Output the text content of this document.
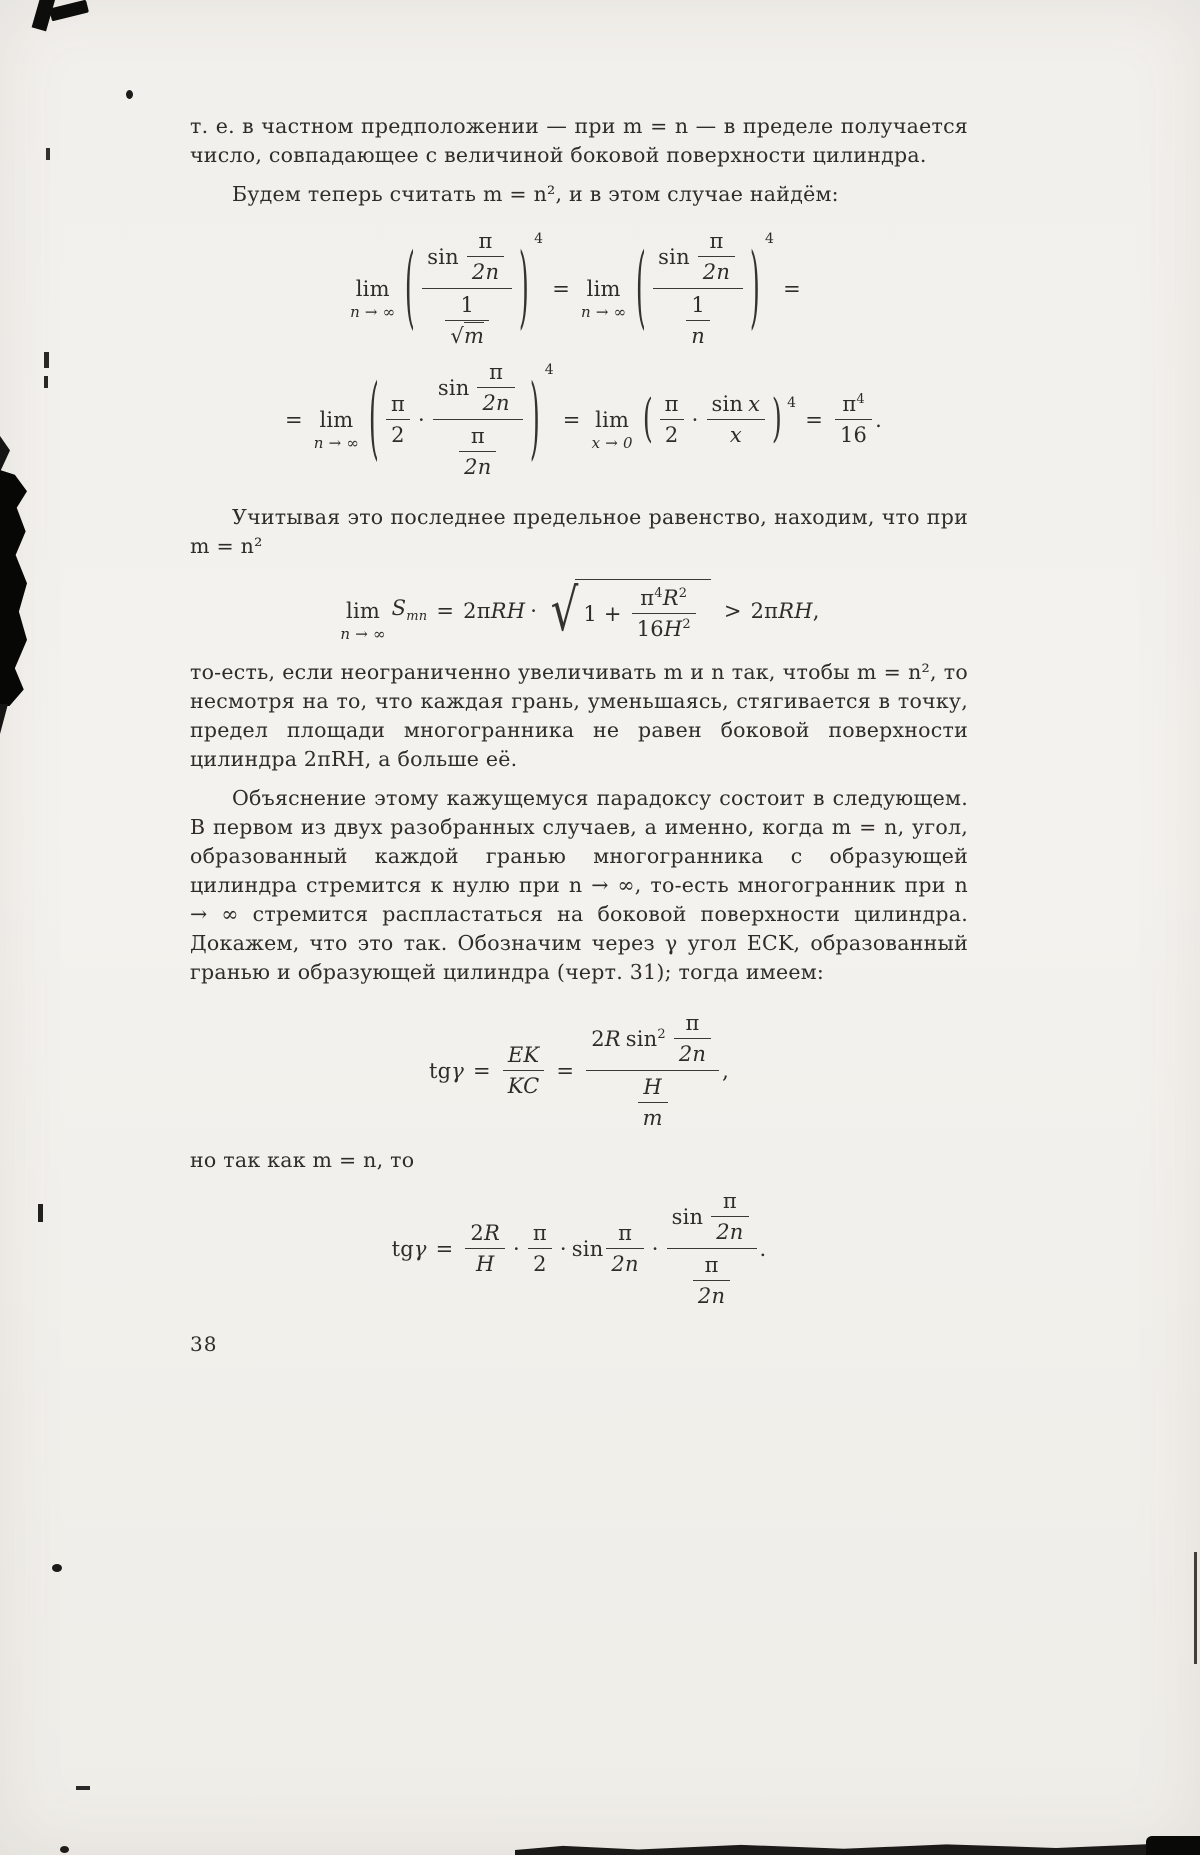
т. е. в частном предположении — при m = n — в пределе получается число, совпадающее с величиной боковой поверхности цилиндра.

Будем теперь считать m = n², и в этом случае найдём:

lim
n → ∞ ( sin
π
2n
1
√m ) $^4$
= lim
n → ∞ ( sin
π
2n
1
n ) $^4$
=
= lim
n → ∞ ( π
2
·
sin
π
2n
π
2n ) $^4$
= lim
x → 0 ( π
2
·
sin x
x ) $^4$
= $\frac{\pi^4}{16}$ .

Учитывая это последнее предельное равенство, находим, что при m = n²

lim
n → ∞
$S_{mn} = 2\pi RH$ · √ $1 + \frac{\pi^4R^2}{16H^2} > 2\pi RH$ ,

то-есть, если неограниченно увеличивать m и n так, чтобы m = n², то несмотря на то, что каждая грань, уменьшаясь, стягивается в точку, предел площади многогранника не равен боковой поверхности цилиндра 2πRH, а больше её.

Объяснение этому кажущемуся парадоксу состоит в следующем. В первом из двух разобранных случаев, а именно, когда m = n, угол, образованный каждой гранью многогранника с образующей цилиндра стремится к нулю при n → ∞, то-есть многогранник при n → ∞ стремится распластаться на боковой поверхности цилиндра. Докажем, что это так. Обозначим через γ угол ECK, образованный гранью и образующей цилиндра (черт. 31); тогда имеем:

tg $\gamma = \frac{EK}{KC} = 2R$ $\sin^2 \pi$
2n
H
m ,

но так как m = n, то

tg $\gamma = \frac{2R}{H}$ ·
π
2
· sin
π
2n
·
sin
π
2n
π
2n
.
38
